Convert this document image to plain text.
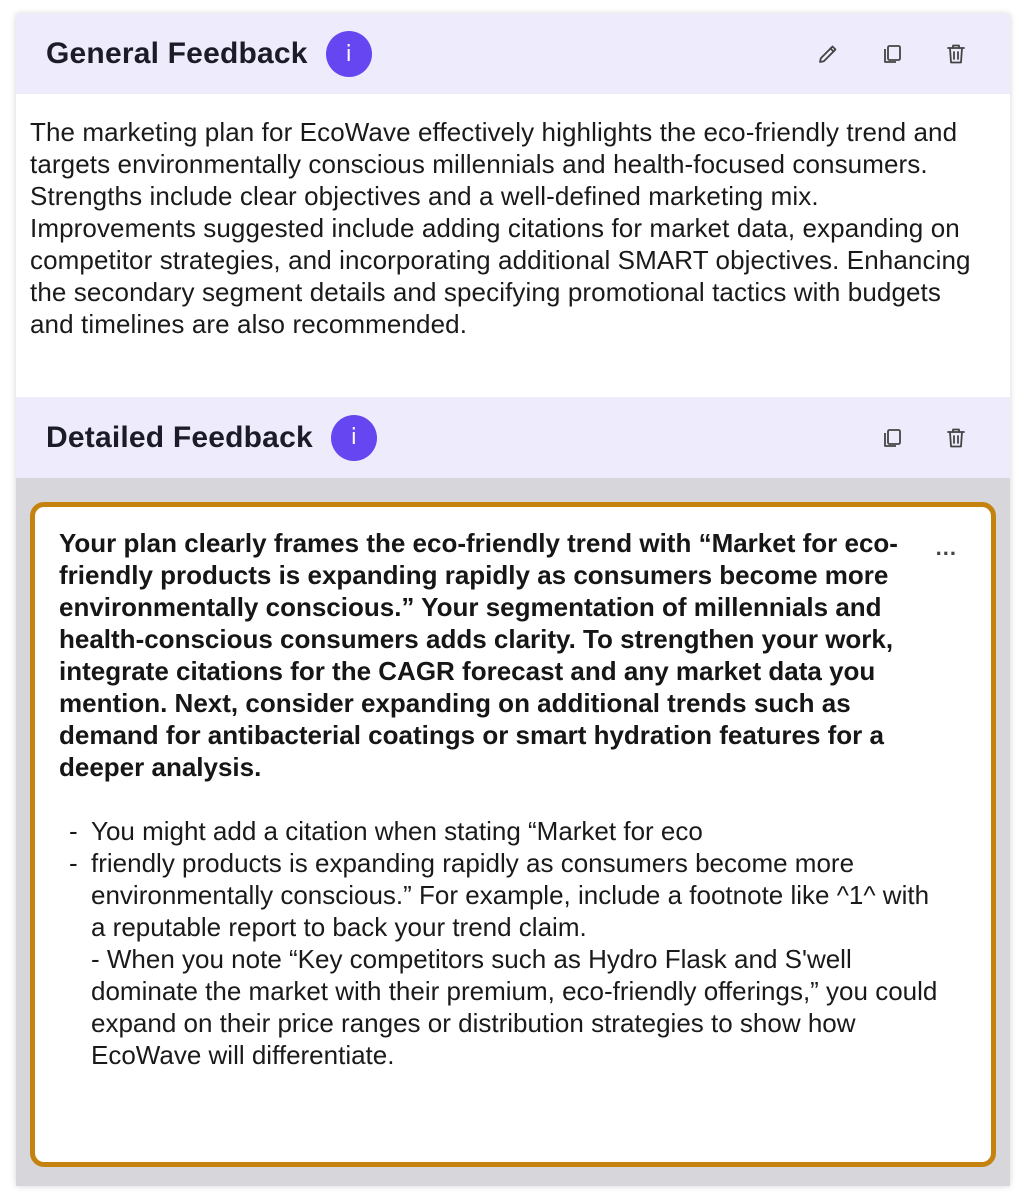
General Feedback	i
The marketing plan for EcoWave effectively highlights the eco-friendly trend and targets environmentally conscious millennials and health-focused consumers. Strengths include clear objectives and a well-defined marketing mix. Improvements suggested include adding citations for market data, expanding on competitor strategies, and incorporating additional SMART objectives. Enhancing the secondary segment details and specifying promotional tactics with budgets and timelines are also recommended.
Detailed Feedback	i
...
Your plan clearly frames the eco-friendly trend with “Market for eco-friendly products is expanding rapidly as consumers become more environmentally conscious.” Your segmentation of millennials and health-conscious consumers adds clarity. To strengthen your work, integrate citations for the CAGR forecast and any market data you mention. Next, consider expanding on additional trends such as demand for antibacterial coatings or smart hydration features for a deeper analysis.
- You might add a citation when stating “Market for eco
- friendly products is expanding rapidly as consumers become more environmentally conscious.” For example, include a footnote like ^1^ with a reputable report to back your trend claim.
- When you note “Key competitors such as Hydro Flask and S'well dominate the market with their premium, eco-friendly offerings,” you could expand on their price ranges or distribution strategies to show how EcoWave will differentiate.
